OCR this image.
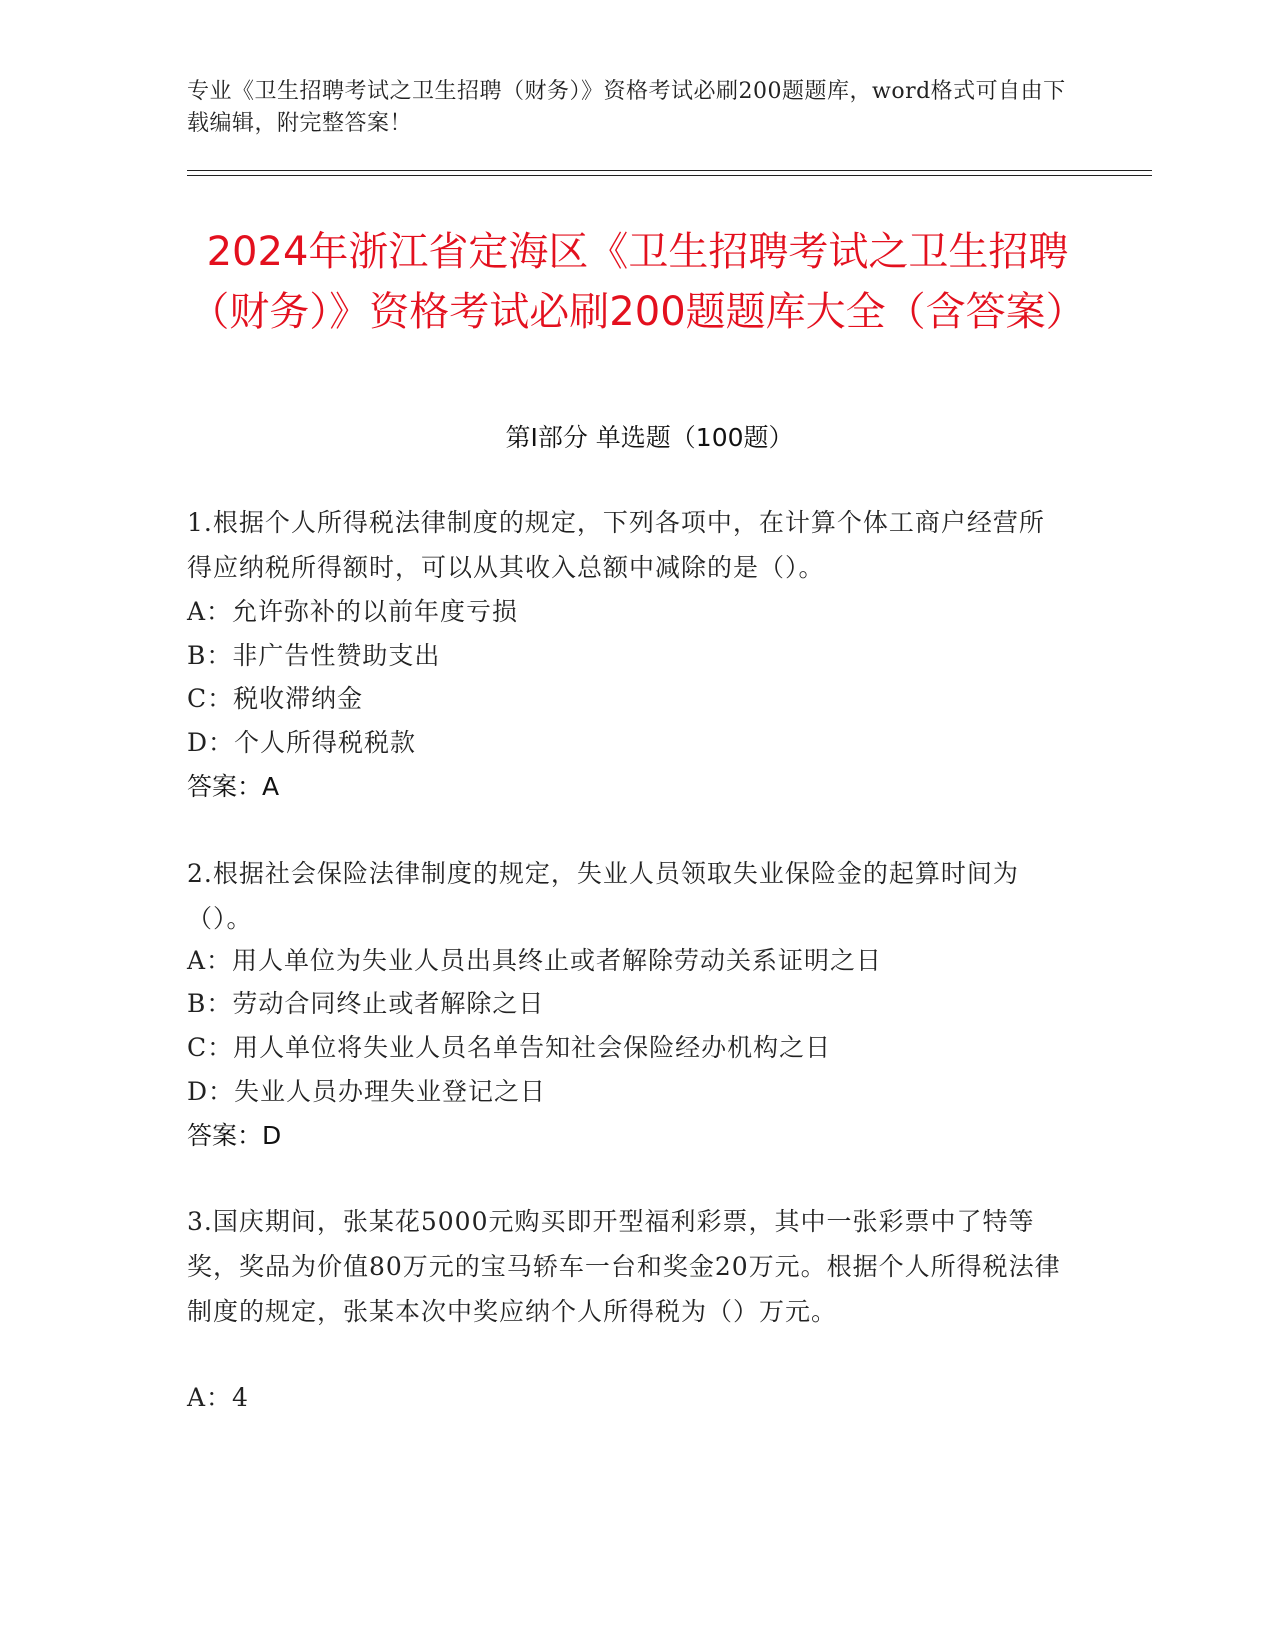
专业《卫生招聘考试之卫生招聘（财务）》资格考试必刷200题题库，word格式可自由下载编辑，附完整答案！
2024年浙江省定海区《卫生招聘考试之卫生招聘（财务）》资格考试必刷200题题库大全（含答案）
第I部分 单选题（100题）
1.根据个人所得税法律制度的规定，下列各项中，在计算个体工商户经营所得应纳税所得额时，可以从其收入总额中减除的是（）。
A：允许弥补的以前年度亏损
B：非广告性赞助支出
C：税收滞纳金
D：个人所得税税款
答案：A
2.根据社会保险法律制度的规定，失业人员领取失业保险金的起算时间为（）。
A：用人单位为失业人员出具终止或者解除劳动关系证明之日
B：劳动合同终止或者解除之日
C：用人单位将失业人员名单告知社会保险经办机构之日
D：失业人员办理失业登记之日
答案：D
3.国庆期间，张某花5000元购买即开型福利彩票，其中一张彩票中了特等奖，奖品为价值80万元的宝马轿车一台和奖金20万元。根据个人所得税法律制度的规定，张某本次中奖应纳个人所得税为（）万元。
A：4
